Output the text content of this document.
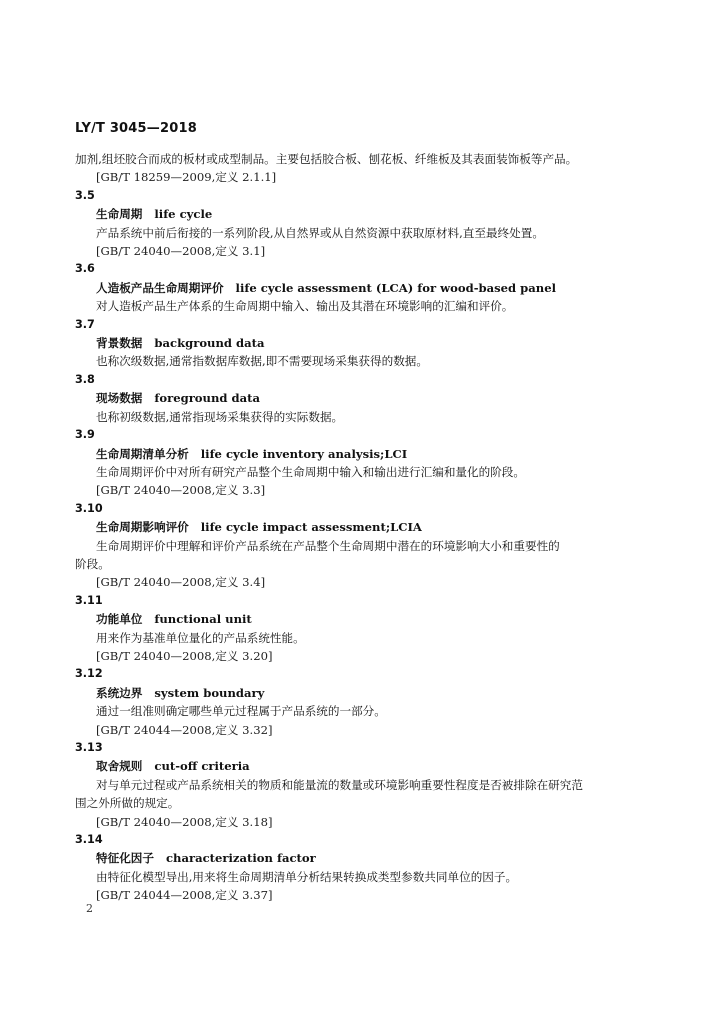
LY/T 3045—2018
加剂,组坯胶合而成的板材或成型制品。主要包括胶合板、刨花板、纤维板及其表面装饰板等产品。
[GB/T 18259—2009,定义 2.1.1]
3.5
生命周期 life cycle
产品系统中前后衔接的一系列阶段,从自然界或从自然资源中获取原材料,直至最终处置。
[GB/T 24040—2008,定义 3.1]
3.6
人造板产品生命周期评价 life cycle assessment (LCA) for wood-based panel
对人造板产品生产体系的生命周期中输入、输出及其潜在环境影响的汇编和评价。
3.7
背景数据 background data
也称次级数据,通常指数据库数据,即不需要现场采集获得的数据。
3.8
现场数据 foreground data
也称初级数据,通常指现场采集获得的实际数据。
3.9
生命周期清单分析 life cycle inventory analysis;LCI
生命周期评价中对所有研究产品整个生命周期中输入和输出进行汇编和量化的阶段。
[GB/T 24040—2008,定义 3.3]
3.10
生命周期影响评价 life cycle impact assessment;LCIA
生命周期评价中理解和评价产品系统在产品整个生命周期中潜在的环境影响大小和重要性的
阶段。
[GB/T 24040—2008,定义 3.4]
3.11
功能单位 functional unit
用来作为基准单位量化的产品系统性能。
[GB/T 24040—2008,定义 3.20]
3.12
系统边界 system boundary
通过一组准则确定哪些单元过程属于产品系统的一部分。
[GB/T 24044—2008,定义 3.32]
3.13
取舍规则 cut-off criteria
对与单元过程或产品系统相关的物质和能量流的数量或环境影响重要性程度是否被排除在研究范
围之外所做的规定。
[GB/T 24040—2008,定义 3.18]
3.14
特征化因子 characterization factor
由特征化模型导出,用来将生命周期清单分析结果转换成类型参数共同单位的因子。
[GB/T 24044—2008,定义 3.37]
2
